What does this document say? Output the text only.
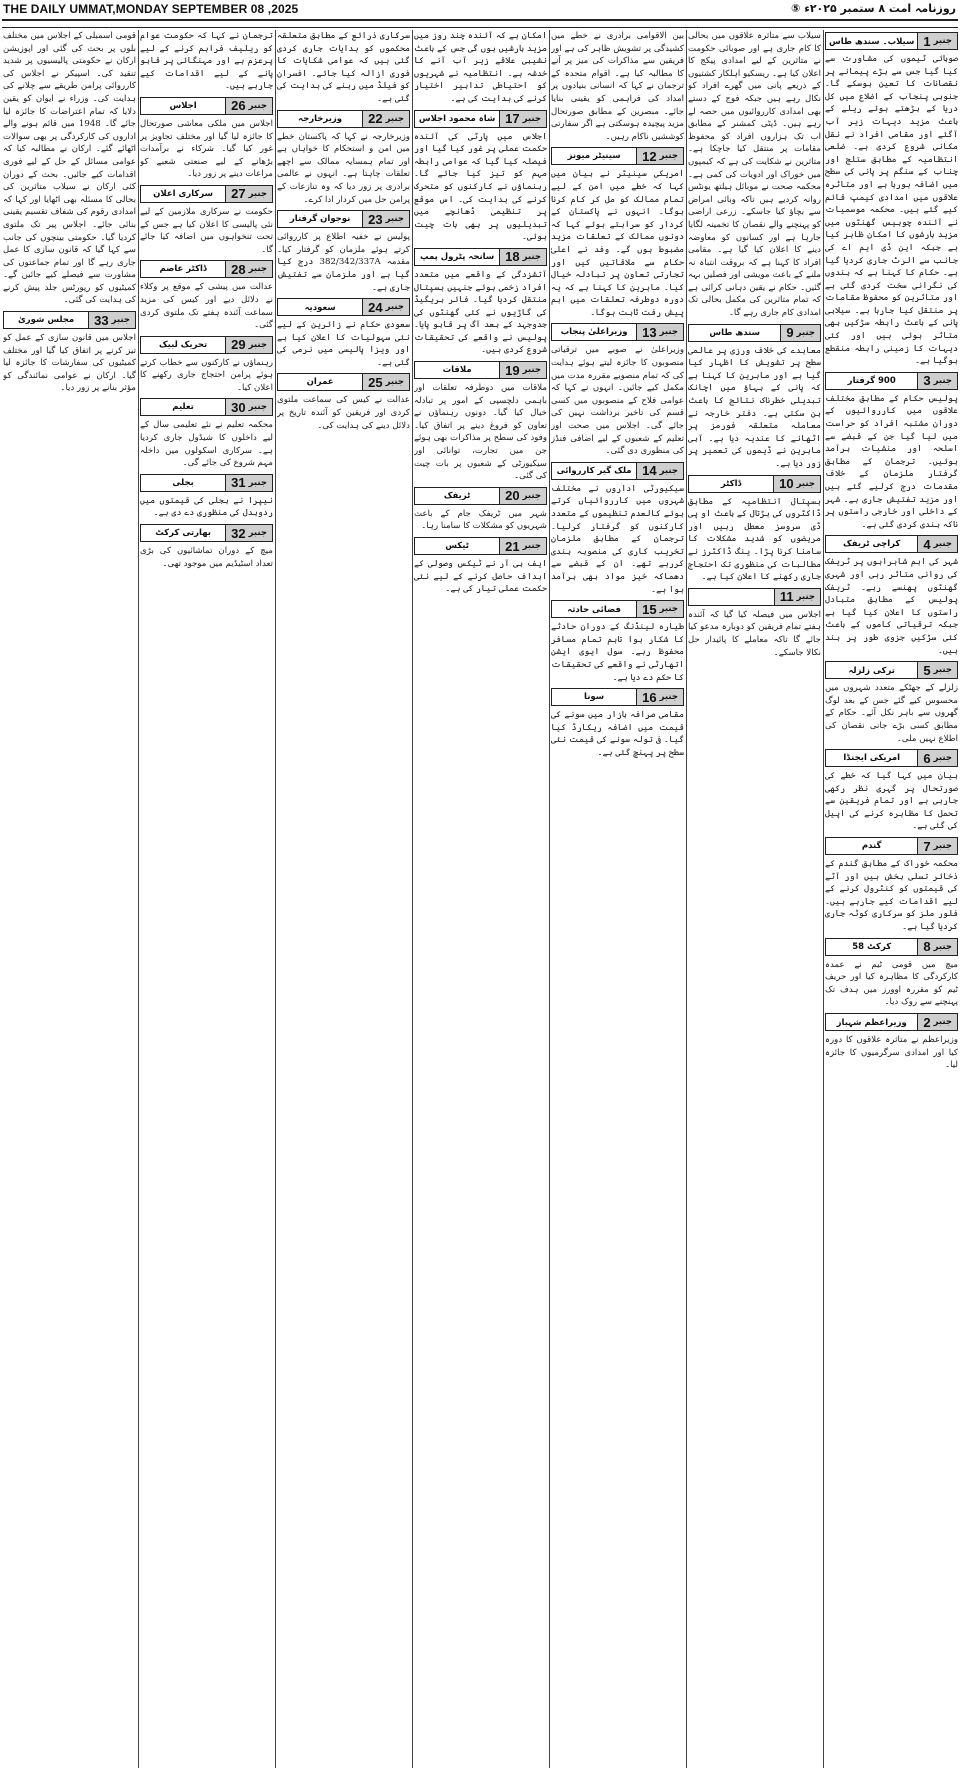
THE DAILY UMMAT,MONDAY SEPTEMBER 08 ,2025	روزنامہ امت ۸ ستمبر ۲۰۲۵ء ⑤
جنبر
1
سیلاب۔ سندھ طاس

صوبائی ٹیموں کی مشاورت سے کیا گیا جس سے بڑے پیمانے پر نقصانات کا تعین ہوسکے گا۔ جنوبی پنجاب کے اضلاع میں کل دریا کے بڑھتے ہوئے ریلے کے باعث مزید دیہات زیر آب آگئے اور مقامی افراد نے نقل مکانی شروع کردی ہے۔ ضلعی انتظامیہ کے مطابق ستلج اور چناب کے سنگم پر پانی کی سطح میں اضافہ ہورہا ہے اور متاثرہ علاقوں میں امدادی کیمپ قائم کیے گئے ہیں۔ محکمہ موسمیات نے آئندہ چوبیس گھنٹوں میں مزید بارشوں کا امکان ظاہر کیا ہے جبکہ این ڈی ایم اے کی جانب سے الرٹ جاری کردیا گیا ہے۔ حکام کا کہنا ہے کہ بندوں کی نگرانی سخت کردی گئی ہے اور متاثرین کو محفوظ مقامات پر منتقل کیا جارہا ہے۔ سیلابی پانی کے باعث رابطہ سڑکیں بھی متاثر ہوئی ہیں اور کئی دیہات کا زمینی رابطہ منقطع ہوگیا ہے۔

جنبر
3
900 گرفتار

پولیس حکام کے مطابق مختلف علاقوں میں کارروائیوں کے دوران مشتبہ افراد کو حراست میں لیا گیا جن کے قبضے سے اسلحہ اور منشیات برآمد ہوئیں۔ ترجمان کے مطابق گرفتار ملزمان کے خلاف مقدمات درج کرلیے گئے ہیں اور مزید تفتیش جاری ہے۔ شہر کے داخلی اور خارجی راستوں پر ناکہ بندی کردی گئی ہے۔

جنبر
4
کراچی ٹریفک

شہر کی اہم شاہراہوں پر ٹریفک کی روانی متاثر رہی اور شہری گھنٹوں پھنسے رہے۔ ٹریفک پولیس کے مطابق متبادل راستوں کا اعلان کیا گیا ہے جبکہ ترقیاتی کاموں کے باعث کئی سڑکیں جزوی طور پر بند ہیں۔

جنبر
5
ترکی زلزلہ

زلزلے کے جھٹکے متعدد شہروں میں محسوس کیے گئے جس کے بعد لوگ گھروں سے باہر نکل آئے۔ حکام کے مطابق کسی بڑے جانی نقصان کی اطلاع نہیں ملی۔

جنبر
6
امریکی ایجنڈا

بیان میں کہا گیا کہ خطے کی صورتحال پر گہری نظر رکھی جارہی ہے اور تمام فریقین سے تحمل کا مظاہرہ کرنے کی اپیل کی گئی ہے۔

جنبر
7
گندم

محکمہ خوراک کے مطابق گندم کے ذخائر تسلی بخش ہیں اور آٹے کی قیمتوں کو کنٹرول کرنے کے لیے اقدامات کیے جارہے ہیں۔ فلور ملز کو سرکاری کوٹہ جاری کردیا گیا ہے۔

جنبر
8
کرکٹ 58

میچ میں قومی ٹیم نے عمدہ کارکردگی کا مظاہرہ کیا اور حریف ٹیم کو مقررہ اوورز میں ہدف تک پہنچنے سے روک دیا۔

جنبر
2
وزیراعظم شہباز

وزیراعظم نے متاثرہ علاقوں کا دورہ کیا اور امدادی سرگرمیوں کا جائزہ لیا۔

سیلاب سے متاثرہ علاقوں میں بحالی کا کام جاری ہے اور صوبائی حکومت نے متاثرین کے لیے امدادی پیکج کا اعلان کیا ہے۔ ریسکیو اہلکار کشتیوں کے ذریعے پانی میں گھرے افراد کو نکال رہے ہیں جبکہ فوج کے دستے بھی امدادی کارروائیوں میں حصہ لے رہے ہیں۔ ڈپٹی کمشنر کے مطابق اب تک ہزاروں افراد کو محفوظ مقامات پر منتقل کیا جاچکا ہے۔ متاثرین نے شکایت کی ہے کہ کیمپوں میں خوراک اور ادویات کی کمی ہے۔ محکمہ صحت نے موبائل ہیلتھ یونٹس روانہ کردیے ہیں تاکہ وبائی امراض سے بچاؤ کیا جاسکے۔ زرعی اراضی کو پہنچنے والے نقصان کا تخمینہ لگایا جارہا ہے اور کسانوں کو معاوضہ دینے کا اعلان کیا گیا ہے۔ مقامی افراد کا کہنا ہے کہ بروقت انتباہ نہ ملنے کے باعث مویشی اور فصلیں بہہ گئیں۔ حکام نے یقین دہانی کرائی ہے کہ تمام متاثرین کی مکمل بحالی تک امدادی کام جاری رہے گا۔

جنبر
9
سندھ طاس

معاہدے کی خلاف ورزی پر عالمی سطح پر تشویش کا اظہار کیا گیا ہے اور ماہرین کا کہنا ہے کہ پانی کے بہاؤ میں اچانک تبدیلی خطرناک نتائج کا باعث بن سکتی ہے۔ دفتر خارجہ نے معاملہ متعلقہ فورمز پر اٹھانے کا عندیہ دیا ہے۔ آبی ماہرین نے ڈیموں کی تعمیر پر زور دیا ہے۔

جنبر
10
ڈاکٹر

ہسپتال انتظامیہ کے مطابق ڈاکٹروں کی ہڑتال کے باعث او پی ڈی سروسز معطل رہیں اور مریضوں کو شدید مشکلات کا سامنا کرنا پڑا۔ ینگ ڈاکٹرز نے مطالبات کی منظوری تک احتجاج جاری رکھنے کا اعلان کیا ہے۔

جنبر
11

اجلاس میں فیصلہ کیا گیا کہ آئندہ ہفتے تمام فریقین کو دوبارہ مدعو کیا جائے گا تاکہ معاملے کا پائیدار حل نکالا جاسکے۔

بین الاقوامی برادری نے خطے میں کشیدگی پر تشویش ظاہر کی ہے اور فریقین سے مذاکرات کی میز پر آنے کا مطالبہ کیا ہے۔ اقوام متحدہ کے ترجمان نے کہا کہ انسانی بنیادوں پر امداد کی فراہمی کو یقینی بنایا جائے۔ مبصرین کے مطابق صورتحال مزید پیچیدہ ہوسکتی ہے اگر سفارتی کوششیں ناکام رہیں۔

جنبر
12
سینیٹر میونز

امریکی سینیٹر نے بیان میں کہا کہ خطے میں امن کے لیے تمام ممالک کو مل کر کام کرنا ہوگا۔ انہوں نے پاکستان کے کردار کو سراہتے ہوئے کہا کہ دونوں ممالک کے تعلقات مزید مضبوط ہوں گے۔ وفد نے اعلیٰ حکام سے ملاقاتیں کیں اور تجارتی تعاون پر تبادلہ خیال کیا۔ ماہرین کا کہنا ہے کہ یہ دورہ دوطرفہ تعلقات میں اہم پیش رفت ثابت ہوگا۔

جنبر
13
وزیراعلیٰ پنجاب

وزیراعلیٰ نے صوبے میں ترقیاتی منصوبوں کا جائزہ لیتے ہوئے ہدایت کی کہ تمام منصوبے مقررہ مدت میں مکمل کیے جائیں۔ انہوں نے کہا کہ عوامی فلاح کے منصوبوں میں کسی قسم کی تاخیر برداشت نہیں کی جائے گی۔ اجلاس میں صحت اور تعلیم کے شعبوں کے لیے اضافی فنڈز کی منظوری دی گئی۔

جنبر
14
ملک گیر کارروائی

سیکیورٹی اداروں نے مختلف شہروں میں کارروائیاں کرتے ہوئے کالعدم تنظیموں کے متعدد کارکنوں کو گرفتار کرلیا۔ ترجمان کے مطابق ملزمان تخریب کاری کی منصوبہ بندی کررہے تھے۔ ان کے قبضے سے دھماکہ خیز مواد بھی برآمد ہوا ہے۔

جنبر
15
فضائی حادثہ

طیارہ لینڈنگ کے دوران حادثے کا شکار ہوا تاہم تمام مسافر محفوظ رہے۔ سول ایوی ایشن اتھارٹی نے واقعے کی تحقیقات کا حکم دے دیا ہے۔

جنبر
16
سونا

مقامی صرافہ بازار میں سونے کی قیمت میں اضافہ ریکارڈ کیا گیا۔ فی تولہ سونے کی قیمت نئی سطح پر پہنچ گئی ہے۔

امکان ہے کہ آئندہ چند روز میں مزید بارشیں ہوں گی جس کے باعث نشیبی علاقے زیر آب آنے کا خدشہ ہے۔ انتظامیہ نے شہریوں کو احتیاطی تدابیر اختیار کرنے کی ہدایت کی ہے۔

جنبر
17
شاہ محمود اجلاس

اجلاس میں پارٹی کی آئندہ حکمت عملی پر غور کیا گیا اور فیصلہ کیا گیا کہ عوامی رابطہ مہم کو تیز کیا جائے گا۔ رہنماؤں نے کارکنوں کو متحرک کرنے کی ہدایت کی۔ اس موقع پر تنظیمی ڈھانچے میں تبدیلیوں پر بھی بات چیت ہوئی۔

جنبر
18
سانحہ پٹرول پمپ

آتشزدگی کے واقعے میں متعدد افراد زخمی ہوئے جنہیں ہسپتال منتقل کردیا گیا۔ فائر بریگیڈ کی گاڑیوں نے کئی گھنٹوں کی جدوجہد کے بعد آگ پر قابو پایا۔ پولیس نے واقعے کی تحقیقات شروع کردی ہیں۔

جنبر
19
ملاقات

ملاقات میں دوطرفہ تعلقات اور باہمی دلچسپی کے امور پر تبادلہ خیال کیا گیا۔ دونوں رہنماؤں نے تعاون کو فروغ دینے پر اتفاق کیا۔ وفود کی سطح پر مذاکرات بھی ہوئے جن میں تجارت، توانائی اور سیکیورٹی کے شعبوں پر بات چیت کی گئی۔

جنبر
20
ٹریفک

شہر میں ٹریفک جام کے باعث شہریوں کو مشکلات کا سامنا رہا۔

جنبر
21
ٹیکس

ایف بی آر نے ٹیکس وصولی کے اہداف حاصل کرنے کے لیے نئی حکمت عملی تیار کی ہے۔

سرکاری ذرائع کے مطابق متعلقہ محکموں کو ہدایات جاری کردی گئی ہیں کہ عوامی شکایات کا فوری ازالہ کیا جائے۔ افسران کو فیلڈ میں رہنے کی ہدایت کی گئی ہے۔

جنبر
22
وزیرخارجہ

وزیرخارجہ نے کہا کہ پاکستان خطے میں امن و استحکام کا خواہاں ہے اور تمام ہمسایہ ممالک سے اچھے تعلقات چاہتا ہے۔ انہوں نے عالمی برادری پر زور دیا کہ وہ تنازعات کے پرامن حل میں کردار ادا کرے۔

جنبر
23
نوجوان گرفتار

پولیس نے خفیہ اطلاع پر کارروائی کرتے ہوئے ملزمان کو گرفتار کیا۔ مقدمہ 382/342/337A درج کیا گیا ہے اور ملزمان سے تفتیش جاری ہے۔

جنبر
24
سعودیہ

سعودی حکام نے زائرین کے لیے نئی سہولیات کا اعلان کیا ہے اور ویزا پالیسی میں نرمی کی گئی ہے۔

جنبر
25
عمران

عدالت نے کیس کی سماعت ملتوی کردی اور فریقین کو آئندہ تاریخ پر دلائل دینے کی ہدایت کی۔

ترجمان نے کہا کہ حکومت عوام کو ریلیف فراہم کرنے کے لیے پرعزم ہے اور مہنگائی پر قابو پانے کے لیے اقدامات کیے جارہے ہیں۔

جنبر
26
اجلاس

اجلاس میں ملکی معاشی صورتحال کا جائزہ لیا گیا اور مختلف تجاویز پر غور کیا گیا۔ شرکاء نے برآمدات بڑھانے کے لیے صنعتی شعبے کو مراعات دینے پر زور دیا۔

جنبر
27
سرکاری اعلان

حکومت نے سرکاری ملازمین کے لیے نئی پالیسی کا اعلان کیا ہے جس کے تحت تنخواہوں میں اضافہ کیا جائے گا۔

جنبر
28
ڈاکٹر عاصم

عدالت میں پیشی کے موقع پر وکلاء نے دلائل دیے اور کیس کی مزید سماعت آئندہ ہفتے تک ملتوی کردی گئی۔

جنبر
29
تحریک لبیک

رہنماؤں نے کارکنوں سے خطاب کرتے ہوئے پرامن احتجاج جاری رکھنے کا اعلان کیا۔

جنبر
30
تعلیم

محکمہ تعلیم نے نئے تعلیمی سال کے لیے داخلوں کا شیڈول جاری کردیا ہے۔ سرکاری اسکولوں میں داخلہ مہم شروع کی جائے گی۔

جنبر
31
بجلی

نیپرا نے بجلی کی قیمتوں میں ردوبدل کی منظوری دے دی ہے۔

جنبر
32
بھارتی کرکٹ

میچ کے دوران تماشائیوں کی بڑی تعداد اسٹیڈیم میں موجود تھی۔

قومی اسمبلی کے اجلاس میں مختلف بلوں پر بحث کی گئی اور اپوزیشن ارکان نے حکومتی پالیسیوں پر شدید تنقید کی۔ اسپیکر نے اجلاس کی کارروائی پرامن طریقے سے چلانے کی ہدایت کی۔ وزراء نے ایوان کو یقین دلایا کہ تمام اعتراضات کا جائزہ لیا جائے گا۔ 1948 میں قائم ہونے والے اداروں کی کارکردگی پر بھی سوالات اٹھائے گئے۔ ارکان نے مطالبہ کیا کہ عوامی مسائل کے حل کے لیے فوری اقدامات کیے جائیں۔ بحث کے دوران کئی ارکان نے سیلاب متاثرین کی بحالی کا مسئلہ بھی اٹھایا اور کہا کہ امدادی رقوم کی شفاف تقسیم یقینی بنائی جائے۔ اجلاس پیر تک ملتوی کردیا گیا۔ حکومتی بینچوں کی جانب سے کہا گیا کہ قانون سازی کا عمل جاری رہے گا اور تمام جماعتوں کی مشاورت سے فیصلے کیے جائیں گے۔ کمیٹیوں کو رپورٹس جلد پیش کرنے کی ہدایت کی گئی۔

جنبر
33
مجلس شوریٰ

اجلاس میں قانون سازی کے عمل کو تیز کرنے پر اتفاق کیا گیا اور مختلف کمیٹیوں کی سفارشات کا جائزہ لیا گیا۔ ارکان نے عوامی نمائندگی کو مؤثر بنانے پر زور دیا۔
